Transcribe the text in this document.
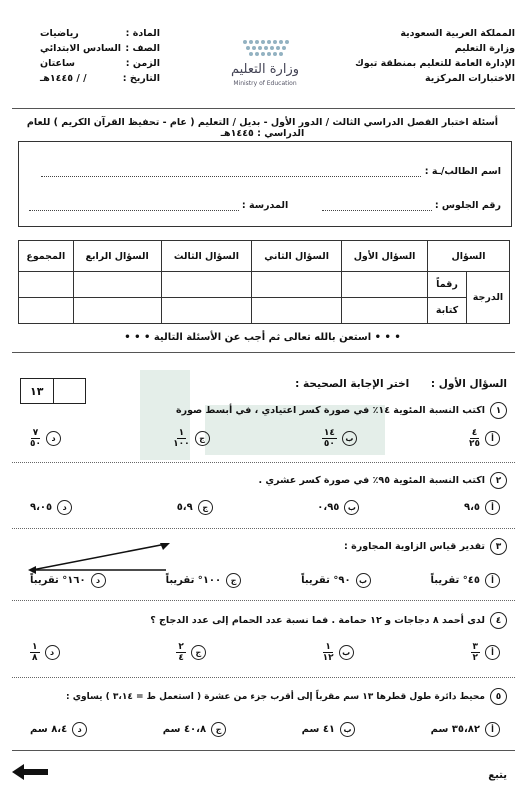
المملكة العربية السعودية
وزارة التعليم
الإدارة العامة للتعليم بمنطقة تبوك
الاختبارات المركزية
وزارة التعليم
Ministry of Education
المادة :
رياضيات
الصف :
السادس الابتدائي
الزمن :
ساعتان
التاريخ :
/ / ١٤٤٥هـ
أسئلة اختبار الفصل الدراسي الثالث / الدور الأول - بديل / التعليم ( عام - تحفيظ القرآن الكريم ) للعام الدراسي : ١٤٤٥هـ
اسم الطالب/ـة :
رقم الجلوس :  المدرسة :
السؤال		السؤال الأول	السؤال الثاني	السؤال الثالث	السؤال الرابع	المجموع
الدرجة	رقماً					
	كتابة					
• • • استعن بالله تعالى ثم أجب عن الأسئلة التالية • • •
١٣
السؤال الأول : اختر الإجابة الصحيحة :
١اكتب النسبة المئوية ١٤٪ في صورة كسر اعتيادي ، في أبسط صورة
أ
$\frac{٤}{٢٥}$
ب
$\frac{١٤}{٥٠}$
ج
$\frac{١}{١٠٠}$
د
$\frac{٧}{٥٠}$
٢اكتب النسبة المئوية ٩٥٪ في صورة كسر عشري .
أ
٩،٥
ب
٠،٩٥
ج
٥،٩
د
٩،٠٥
٣تقدير قياس الزاوية المجاورة :
أ
٤٥° تقريباً
ب
٩٠° تقريباً
ج
١٠٠° تقريباً
د
١٦٠° تقريباً
٤لدى أحمد ٨ دجاجات و ١٢ حمامة . فما نسبة عدد الحمام إلى عدد الدجاج ؟
أ
$\frac{٣}{٢}$
ب
$\frac{١}{١٢}$
ج
$\frac{٢}{٤}$
د
$\frac{١}{٨}$
٥محيط دائرة طول قطرها ١٣ سم مقرباً إلى أقرب جزء من عشرة ( استعمل ط = ٣،١٤ ) يساوي :
أ
٣٥،٨٢ سم
ب
٤١ سم
ج
٤٠،٨ سم
د
٨،٤ سم
يتبع
